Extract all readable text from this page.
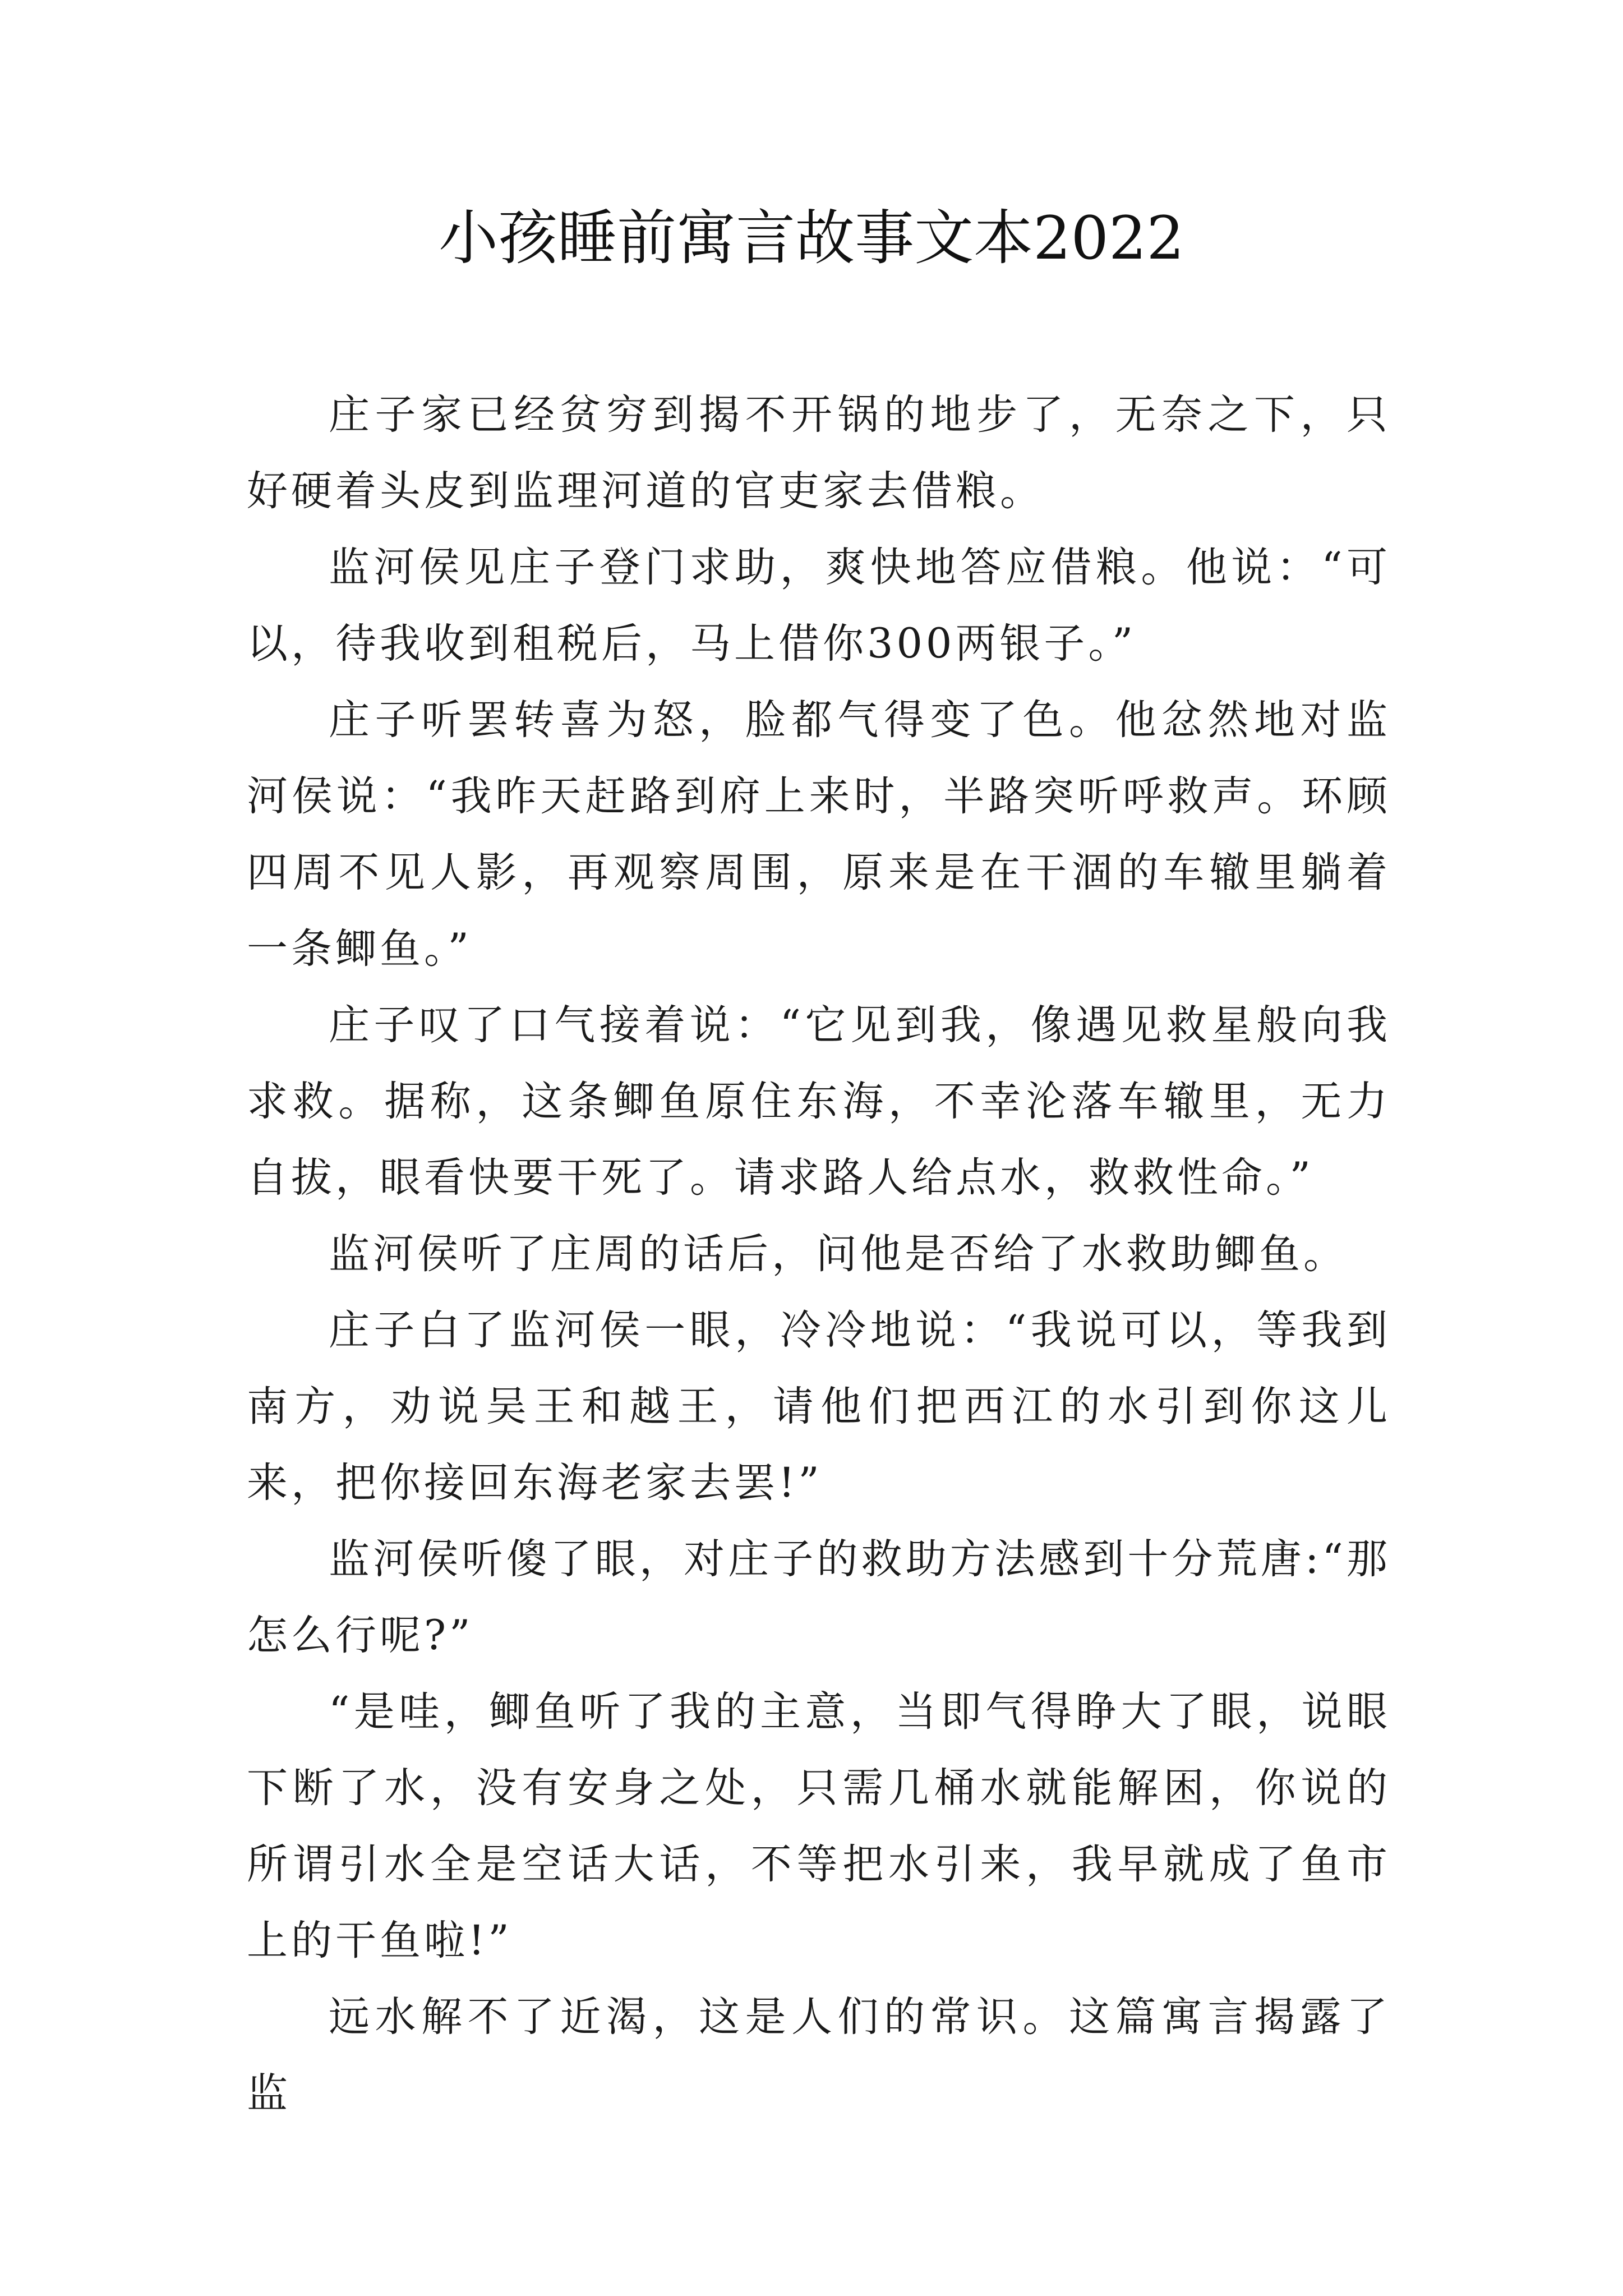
小孩睡前寓言故事文本2022

庄子家已经贫穷到揭不开锅的地步了，无奈之下，只好硬着头皮到监理河道的官吏家去借粮。

监河侯见庄子登门求助，爽快地答应借粮。他说：“可以，待我收到租税后，马上借你300两银子。”

庄子听罢转喜为怒，脸都气得变了色。他忿然地对监河侯说：“我昨天赶路到府上来时，半路突听呼救声。环顾四周不见人影，再观察周围，原来是在干涸的车辙里躺着一条鲫鱼。”

庄子叹了口气接着说：“它见到我，像遇见救星般向我求救。据称，这条鲫鱼原住东海，不幸沦落车辙里，无力自拔，眼看快要干死了。请求路人给点水，救救性命。”

监河侯听了庄周的话后，问他是否给了水救助鲫鱼。

庄子白了监河侯一眼，冷冷地说：“我说可以，等我到南方，劝说吴王和越王，请他们把西江的水引到你这儿来，把你接回东海老家去罢!”

监河侯听傻了眼，对庄子的救助方法感到十分荒唐:“那怎么行呢?”

“是哇，鲫鱼听了我的主意，当即气得睁大了眼，说眼下断了水，没有安身之处，只需几桶水就能解困，你说的所谓引水全是空话大话，不等把水引来，我早就成了鱼市上的干鱼啦!”

远水解不了近渴，这是人们的常识。这篇寓言揭露了监
